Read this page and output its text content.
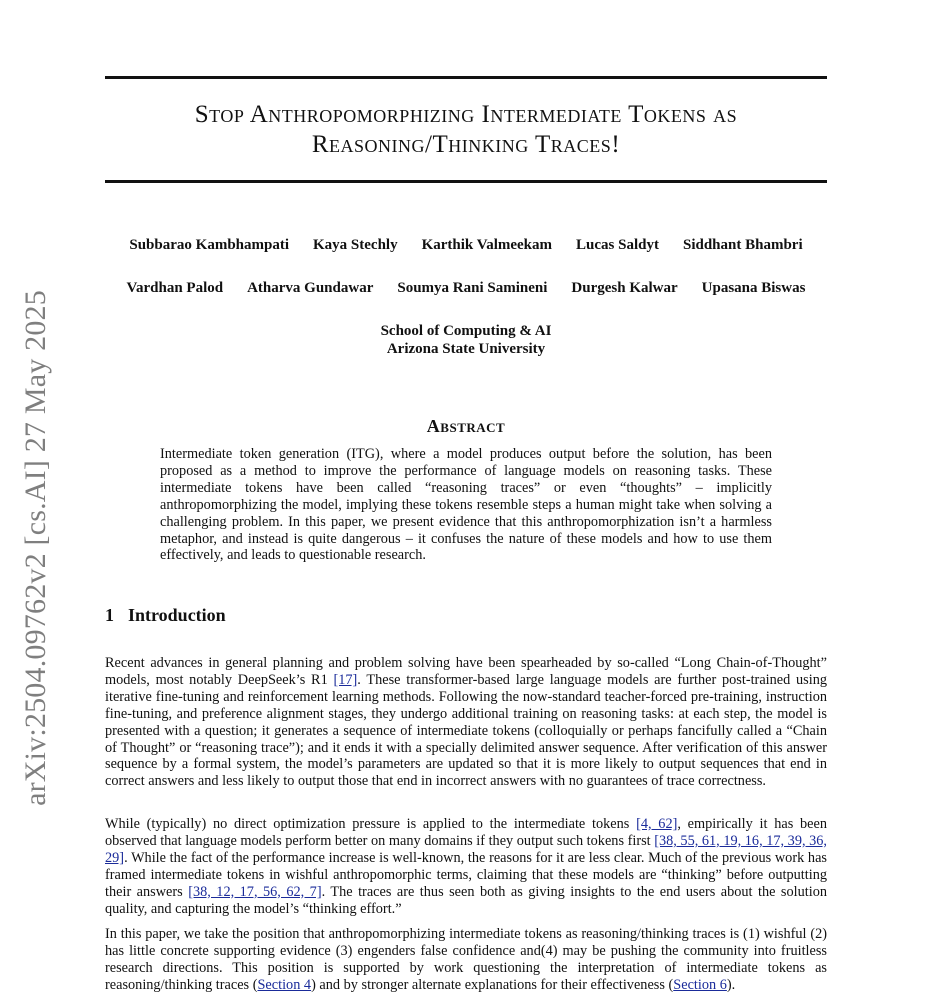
arXiv:2504.09762v2 [cs.AI] 27 May 2025
Stop Anthropomorphizing Intermediate Tokens as
Reasoning/Thinking Traces!
Subbarao Kambhampati Kaya Stechly Karthik Valmeekam Lucas Saldyt Siddhant Bhambri
Vardhan Palod Atharva Gundawar Soumya Rani Samineni Durgesh Kalwar Upasana Biswas
School of Computing & AI
Arizona State University
Abstract
Intermediate token generation (ITG), where a model produces output before the solution, has been proposed as a method to improve the performance of language models on reasoning tasks. These intermediate tokens have been called “reasoning traces” or even “thoughts” – implicitly anthropomorphizing the model, implying these tokens resemble steps a human might take when solving a challenging problem. In this paper, we present evidence that this anthropomorphization isn’t a harmless metaphor, and instead is quite dangerous – it confuses the nature of these models and how to use them effectively, and leads to questionable research.
1 Introduction

Recent advances in general planning and problem solving have been spearheaded by so-called “Long Chain-of-Thought” models, most notably DeepSeek’s R1 [17]. These transformer-based large language models are further post-trained using iterative fine-tuning and reinforcement learning methods. Following the now-standard teacher-forced pre-training, instruction fine-tuning, and preference alignment stages, they undergo additional training on reasoning tasks: at each step, the model is presented with a question; it generates a sequence of intermediate tokens (colloquially or perhaps fancifully called a “Chain of Thought” or “reasoning trace”); and it ends it with a specially delimited answer sequence. After verification of this answer sequence by a formal system, the model’s parameters are updated so that it is more likely to output sequences that end in correct answers and less likely to output those that end in incorrect answers with no guarantees of trace correctness.

While (typically) no direct optimization pressure is applied to the intermediate tokens [4, 62], empirically it has been observed that language models perform better on many domains if they output such tokens first [38, 55, 61, 19, 16, 17, 39, 36, 29]. While the fact of the performance increase is well-known, the reasons for it are less clear. Much of the previous work has framed intermediate tokens in wishful anthropomorphic terms, claiming that these models are “thinking” before outputting their answers [38, 12, 17, 56, 62, 7]. The traces are thus seen both as giving insights to the end users about the solution quality, and capturing the model’s “thinking effort.”

In this paper, we take the position that anthropomorphizing intermediate tokens as reasoning/thinking traces is (1) wishful (2) has little concrete supporting evidence (3) engenders false confidence and(4) may be pushing the community into fruitless research directions. This position is supported by work questioning the interpretation of intermediate tokens as reasoning/thinking traces (Section 4) and by stronger alternate explanations for their effectiveness (Section 6).
